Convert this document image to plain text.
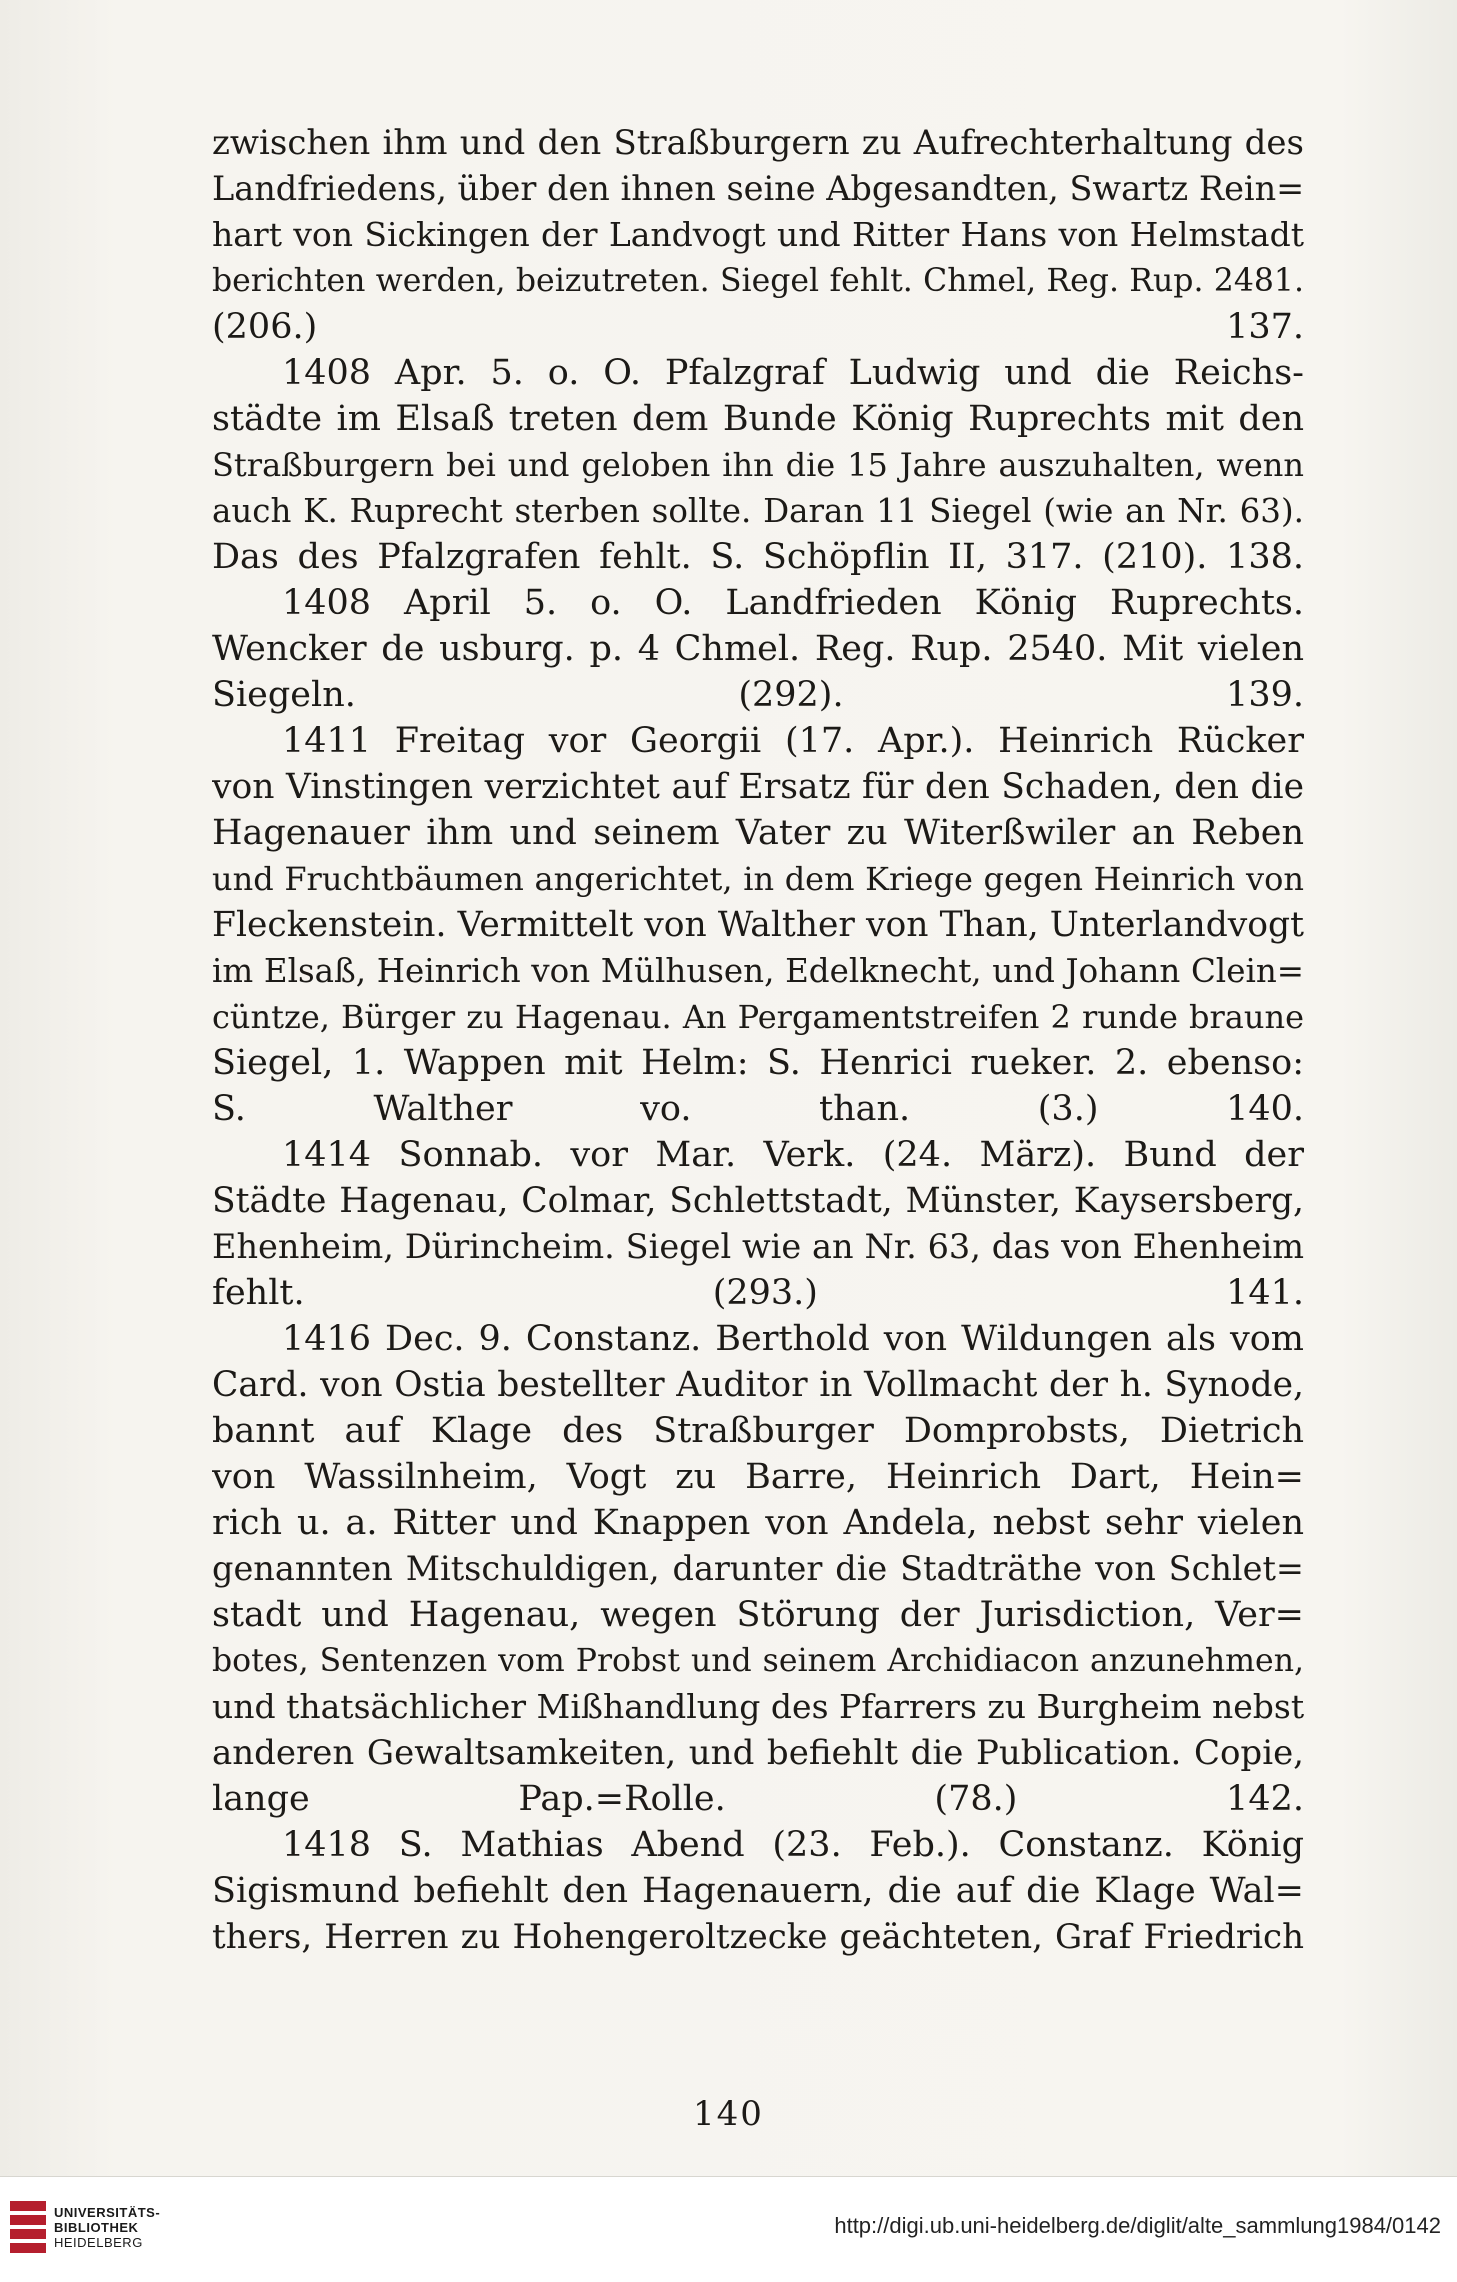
zwischen ihm und den Straßburgern zu Aufrechterhaltung des
Landfriedens, über den ihnen seine Abgesandten, Swartz Rein=
hart von Sickingen der Landvogt und Ritter Hans von Helmstadt
berichten werden, beizutreten. Siegel fehlt. Chmel, Reg. Rup. 2481.
(206.) 137.
1408 Apr. 5. o. O. Pfalzgraf Ludwig und die Reichs-
städte im Elsaß treten dem Bunde König Ruprechts mit den
Straßburgern bei und geloben ihn die 15 Jahre auszuhalten, wenn
auch K. Ruprecht sterben sollte. Daran 11 Siegel (wie an Nr. 63).
Das des Pfalzgrafen fehlt. S. Schöpflin II, 317. (210). 138.
1408 April 5. o. O. Landfrieden König Ruprechts.
Wencker de usburg. p. 4 Chmel. Reg. Rup. 2540. Mit vielen
Siegeln. (292). 139.
1411 Freitag vor Georgii (17. Apr.). Heinrich Rücker
von Vinstingen verzichtet auf Ersatz für den Schaden, den die
Hagenauer ihm und seinem Vater zu Witerßwiler an Reben
und Fruchtbäumen angerichtet, in dem Kriege gegen Heinrich von
Fleckenstein. Vermittelt von Walther von Than, Unterlandvogt
im Elsaß, Heinrich von Mülhusen, Edelknecht, und Johann Clein=
cüntze, Bürger zu Hagenau. An Pergamentstreifen 2 runde braune
Siegel, 1. Wappen mit Helm: S. Henrici rueker. 2. ebenso:
S. Walther vo. than. (3.) 140.
1414 Sonnab. vor Mar. Verk. (24. März). Bund der
Städte Hagenau, Colmar, Schlettstadt, Münster, Kaysersberg,
Ehenheim, Dürincheim. Siegel wie an Nr. 63, das von Ehenheim
fehlt. (293.) 141.
1416 Dec. 9. Constanz. Berthold von Wildungen als vom
Card. von Ostia bestellter Auditor in Vollmacht der h. Synode,
bannt auf Klage des Straßburger Domprobsts, Dietrich
von Wassilnheim, Vogt zu Barre, Heinrich Dart, Hein=
rich u. a. Ritter und Knappen von Andela, nebst sehr vielen
genannten Mitschuldigen, darunter die Stadträthe von Schlet=
stadt und Hagenau, wegen Störung der Jurisdiction, Ver=
botes, Sentenzen vom Probst und seinem Archidiacon anzunehmen,
und thatsächlicher Mißhandlung des Pfarrers zu Burgheim nebst
anderen Gewaltsamkeiten, und befiehlt die Publication. Copie,
lange Pap.=Rolle. (78.) 142.
1418 S. Mathias Abend (23. Feb.). Constanz. König
Sigismund befiehlt den Hagenauern, die auf die Klage Wal=
thers, Herren zu Hohengeroltzecke geächteten, Graf Friedrich
140
UNIVERSITÄTS-
BIBLIOTHEK
HEIDELBERG
http://digi.ub.uni-heidelberg.de/diglit/alte_sammlung1984/0142
